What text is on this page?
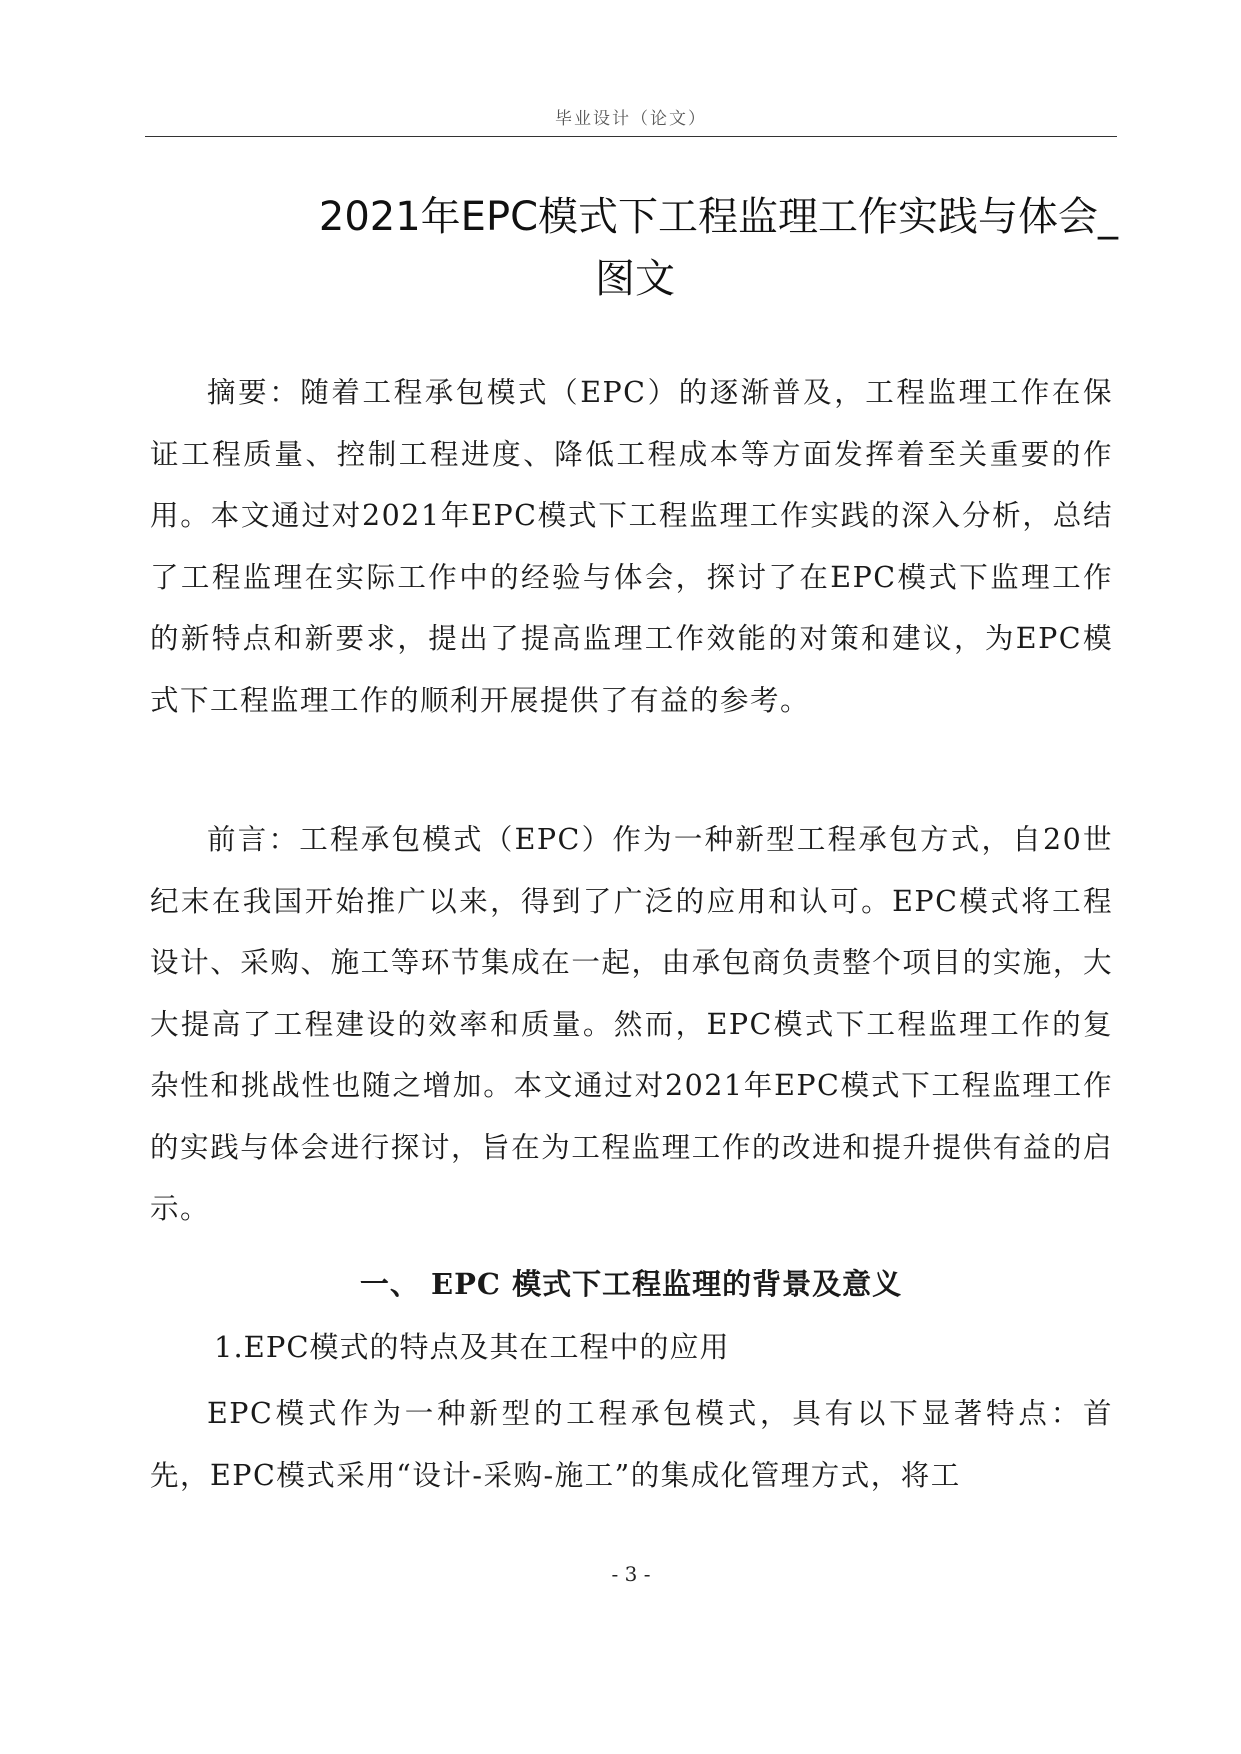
毕业设计（论文）
2021年EPC模式下工程监理工作实践与体会_
图文

摘要：随着工程承包模式（EPC）的逐渐普及，工程监理工作在保证工程质量、控制工程进度、降低工程成本等方面发挥着至关重要的作用。本文通过对2021年EPC模式下工程监理工作实践的深入分析，总结了工程监理在实际工作中的经验与体会，探讨了在EPC模式下监理工作的新特点和新要求，提出了提高监理工作效能的对策和建议，为EPC模式下工程监理工作的顺利开展提供了有益的参考。

前言：工程承包模式（EPC）作为一种新型工程承包方式，自20世纪末在我国开始推广以来，得到了广泛的应用和认可。EPC模式将工程设计、采购、施工等环节集成在一起，由承包商负责整个项目的实施，大大提高了工程建设的效率和质量。然而，EPC模式下工程监理工作的复杂性和挑战性也随之增加。本文通过对2021年EPC模式下工程监理工作的实践与体会进行探讨，旨在为工程监理工作的改进和提升提供有益的启示。

一、 EPC 模式下工程监理的背景及意义
1.EPC模式的特点及其在工程中的应用

EPC模式作为一种新型的工程承包模式，具有以下显著特点：首先，EPC模式采用“设计-采购-施工”的集成化管理方式，将工

- 3 -
